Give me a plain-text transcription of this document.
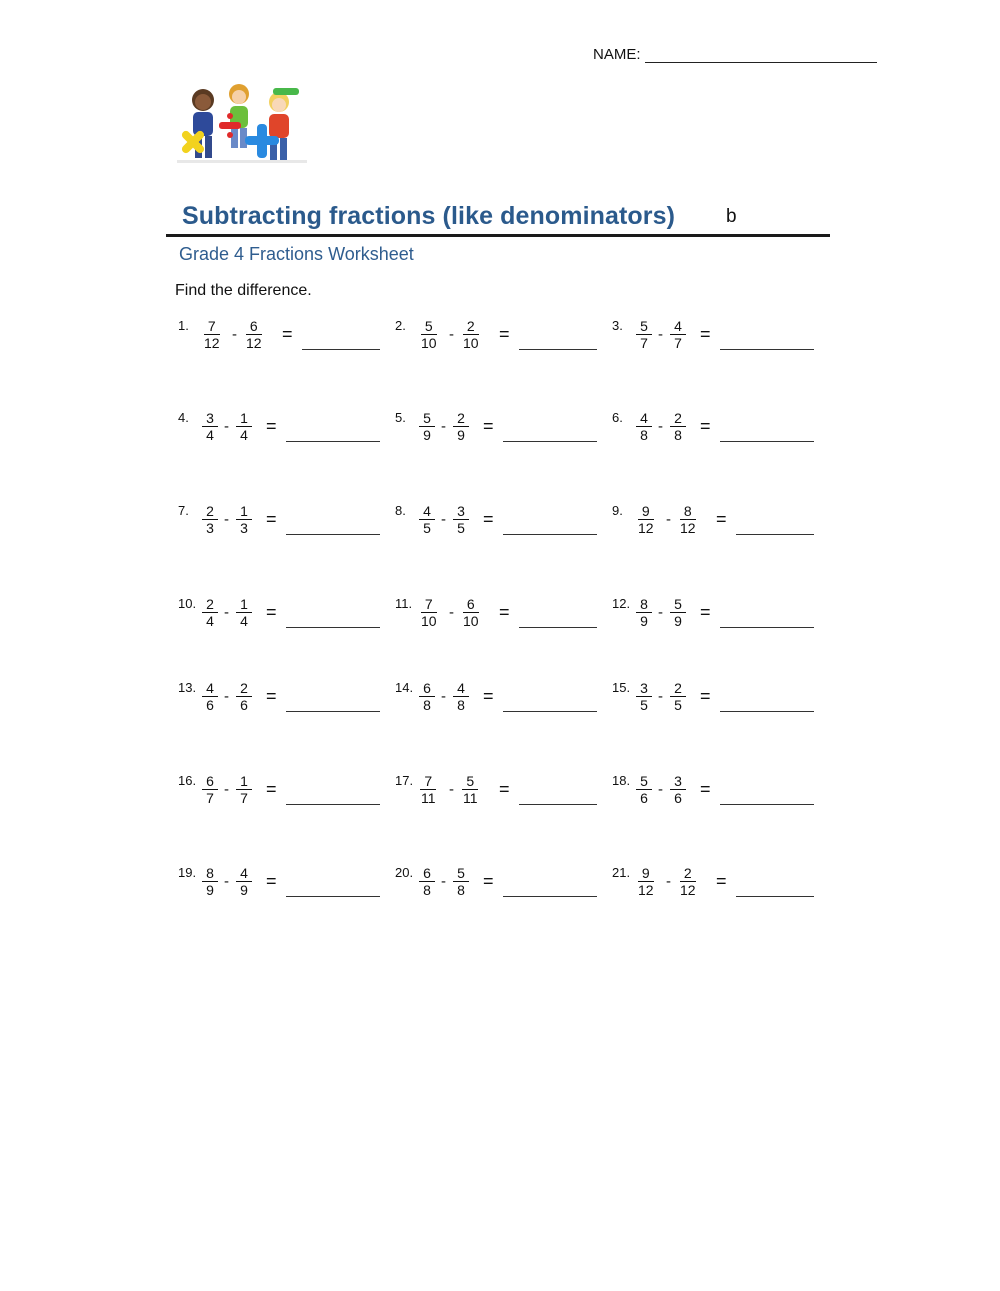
NAME:
Subtracting fractions (like denominators)	b
Grade 4 Fractions Worksheet
Find the difference.
1. $\frac{7}{12} - \frac{6}{12}$ =	2. $\frac{5}{10} - \frac{2}{10}$ =	3. $\frac{5}{7} - \frac{4}{7}$ =
4. $\frac{3}{4} - \frac{1}{4}$ =	5. $\frac{5}{9} - \frac{2}{9}$ =	6. $\frac{4}{8} - \frac{2}{8}$ =
7. $\frac{2}{3} - \frac{1}{3}$ =	8. $\frac{4}{5} - \frac{3}{5}$ =	9. $\frac{9}{12} - \frac{8}{12}$ =
10. $\frac{2}{4} - \frac{1}{4}$ =	11. $\frac{7}{10} - \frac{6}{10}$ =	12. $\frac{8}{9} - \frac{5}{9}$ =
13. $\frac{4}{6} - \frac{2}{6}$ =	14. $\frac{6}{8} - \frac{4}{8}$ =	15. $\frac{3}{5} - \frac{2}{5}$ =
16. $\frac{6}{7} - \frac{1}{7}$ =	17. $\frac{7}{11} - \frac{5}{11}$ =	18. $\frac{5}{6} - \frac{3}{6}$ =
19. $\frac{8}{9} - \frac{4}{9}$ =	20. $\frac{6}{8} - \frac{5}{8}$ =	21. $\frac{9}{12} - \frac{2}{12}$ =
